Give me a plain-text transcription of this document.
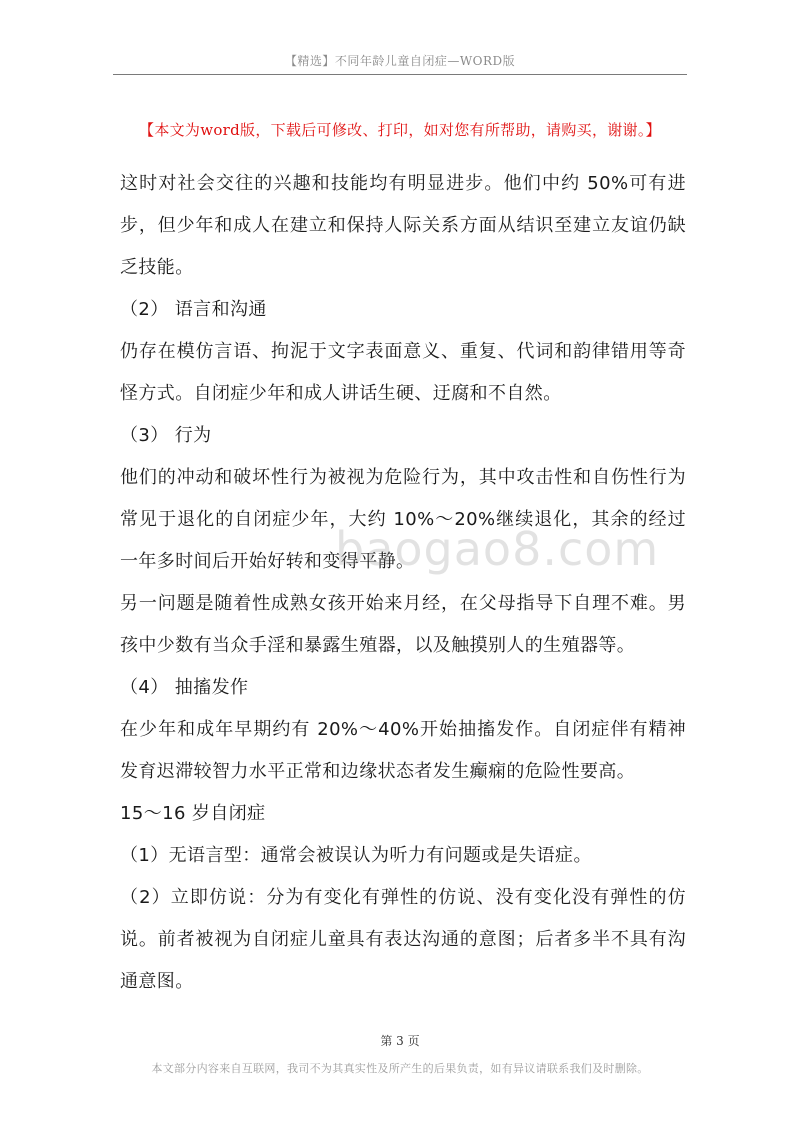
【精选】不同年龄儿童自闭症—WORD版
【本文为word版，下载后可修改、打印，如对您有所帮助，请购买，谢谢。】

这时对社会交往的兴趣和技能均有明显进步。他们中约 50%可有进步，但少年和成人在建立和保持人际关系方面从结识至建立友谊仍缺乏技能。

（2） 语言和沟通

仍存在模仿言语、拘泥于文字表面意义、重复、代词和韵律错用等奇怪方式。自闭症少年和成人讲话生硬、迂腐和不自然。

（3） 行为

他们的冲动和破坏性行为被视为危险行为，其中攻击性和自伤性行为常见于退化的自闭症少年，大约 10%～20%继续退化，其余的经过一年多时间后开始好转和变得平静。

另一问题是随着性成熟女孩开始来月经，在父母指导下自理不难。男孩中少数有当众手淫和暴露生殖器，以及触摸别人的生殖器等。

（4） 抽搐发作

在少年和成年早期约有 20%～40%开始抽搐发作。自闭症伴有精神发育迟滞较智力水平正常和边缘状态者发生癫痫的危险性要高。

15～16 岁自闭症

（1）无语言型：通常会被误认为听力有问题或是失语症。

（2）立即仿说：分为有变化有弹性的仿说、没有变化没有弹性的仿说。前者被视为自闭症儿童具有表达沟通的意图；后者多半不具有沟通意图。

baogao8.com
第 3 页
本文部分内容来自互联网，我司不为其真实性及所产生的后果负责，如有异议请联系我们及时删除。
